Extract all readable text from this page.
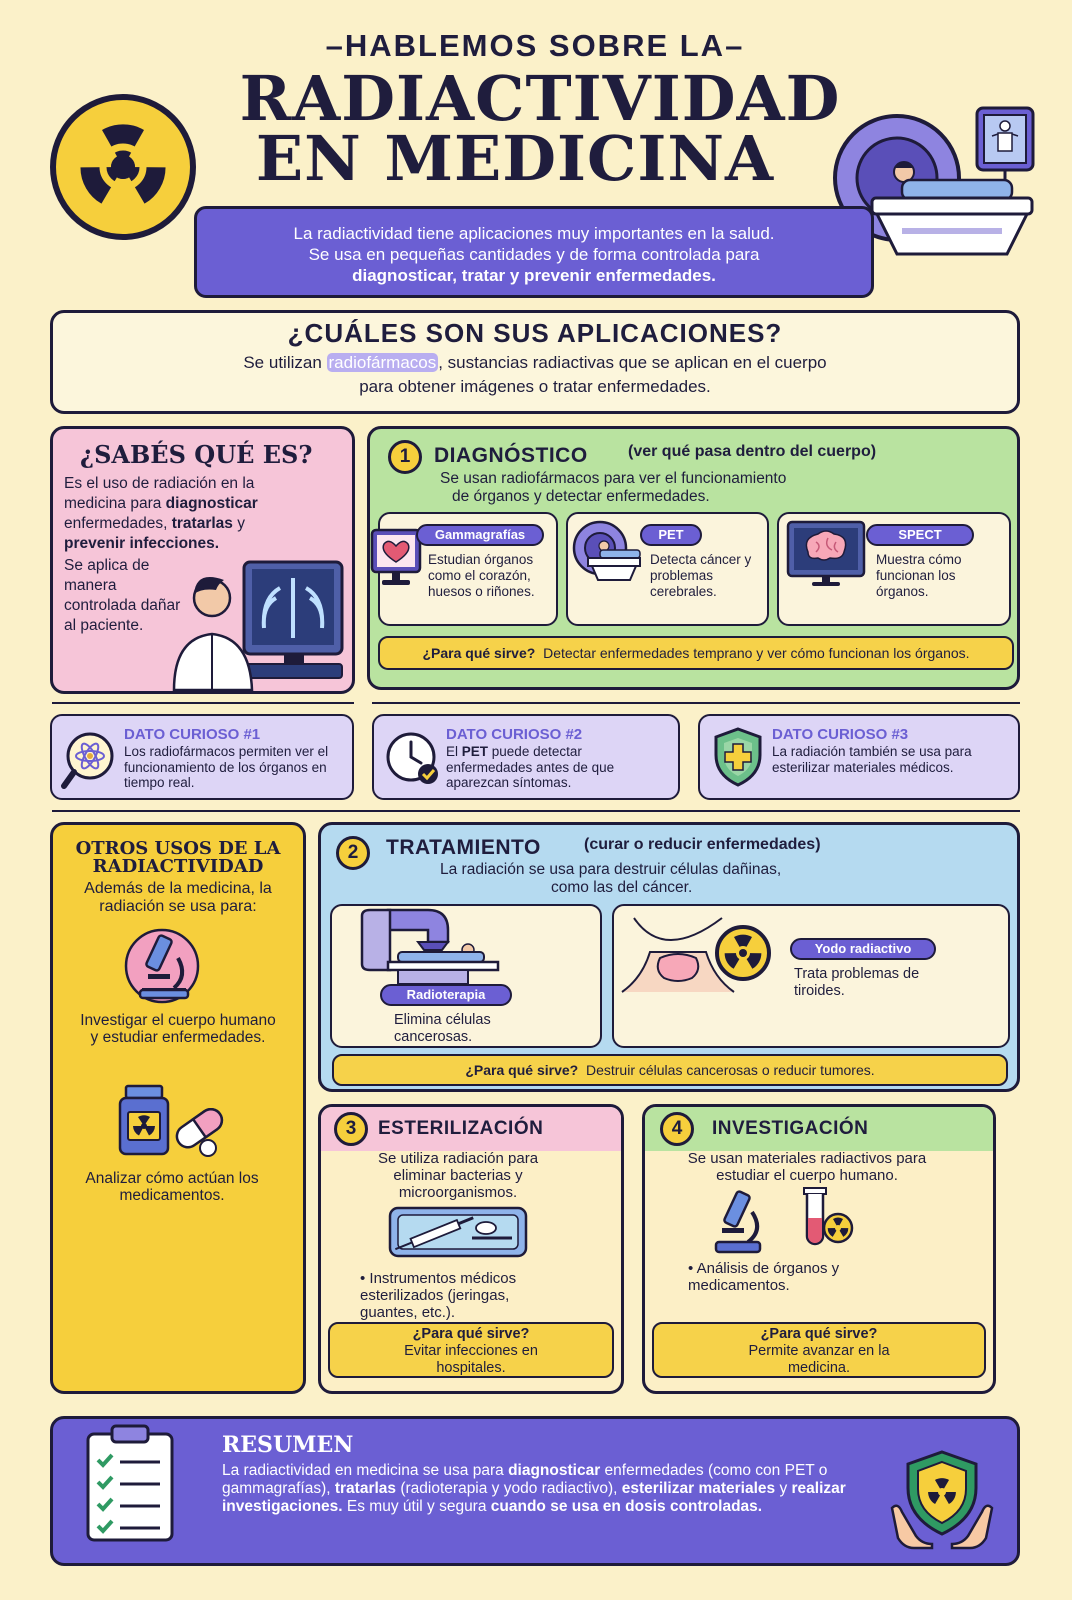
–HABLEMOS SOBRE LA–
RADIACTIVIDAD
EN MEDICINA
La radiactividad tiene aplicaciones muy importantes en la salud.
Se usa en pequeñas cantidades y de forma controlada para
diagnosticar, tratar y prevenir enfermedades.
¿CUÁLES SON SUS APLICACIONES?
Se utilizan radiofármacos , sustancias radiactivas que se aplican en el cuerpo
para obtener imágenes o tratar enfermedades.
¿SABÉS QUÉ ES?
Es el uso de radiación en la medicina para diagnosticar enfermedades, tratarlas y prevenir infecciones.
Se aplica de manera controlada dañar al paciente.
1	DIAGNÓSTICO	(ver qué pasa dentro del cuerpo)
Se usan radiofármacos para ver el funcionamiento
de órganos y detectar enfermedades.
Gammagrafías
Estudian órganos como el corazón, huesos o riñones.
PET
Detecta cáncer y problemas cerebrales.
SPECT
Muestra cómo funcionan los órganos.
¿Para qué sirve? Detectar enfermedades temprano y ver cómo funcionan los órganos.
DATO CURIOSO #1
Los radiofármacos permiten ver el funcionamiento de los órganos en tiempo real.
DATO CURIOSO #2
El PET puede detectar enfermedades antes de que aparezcan síntomas.
DATO CURIOSO #3
La radiación también se usa para esterilizar materiales médicos.
OTROS USOS DE LA
RADIACTIVIDAD
Además de la medicina, la radiación se usa para:
Investigar el cuerpo humano y estudiar enfermedades.
Analizar cómo actúan los medicamentos.
2	TRATAMIENTO	(curar o reducir enfermedades)
La radiación se usa para destruir células dañinas,
como las del cáncer.
Radioterapia
Elimina células cancerosas.
Yodo radiactivo
Trata problemas de tiroides.
¿Para qué sirve? Destruir células cancerosas o reducir tumores.
3	ESTERILIZACIÓN
Se utiliza radiación para eliminar bacterias y microorganismos.
• Instrumentos médicos esterilizados (jeringas, guantes, etc.).
¿Para qué sirve?
Evitar infecciones en hospitales.
4	INVESTIGACIÓN
Se usan materiales radiactivos para estudiar el cuerpo humano.
• Análisis de órganos y medicamentos.
¿Para qué sirve?
Permite avanzar en la medicina.
RESUMEN
La radiactividad en medicina se usa para diagnosticar enfermedades (como con PET o gammagrafías), tratarlas (radioterapia y yodo radiactivo), esterilizar materiales y realizar investigaciones. Es muy útil y segura cuando se usa en dosis controladas.
